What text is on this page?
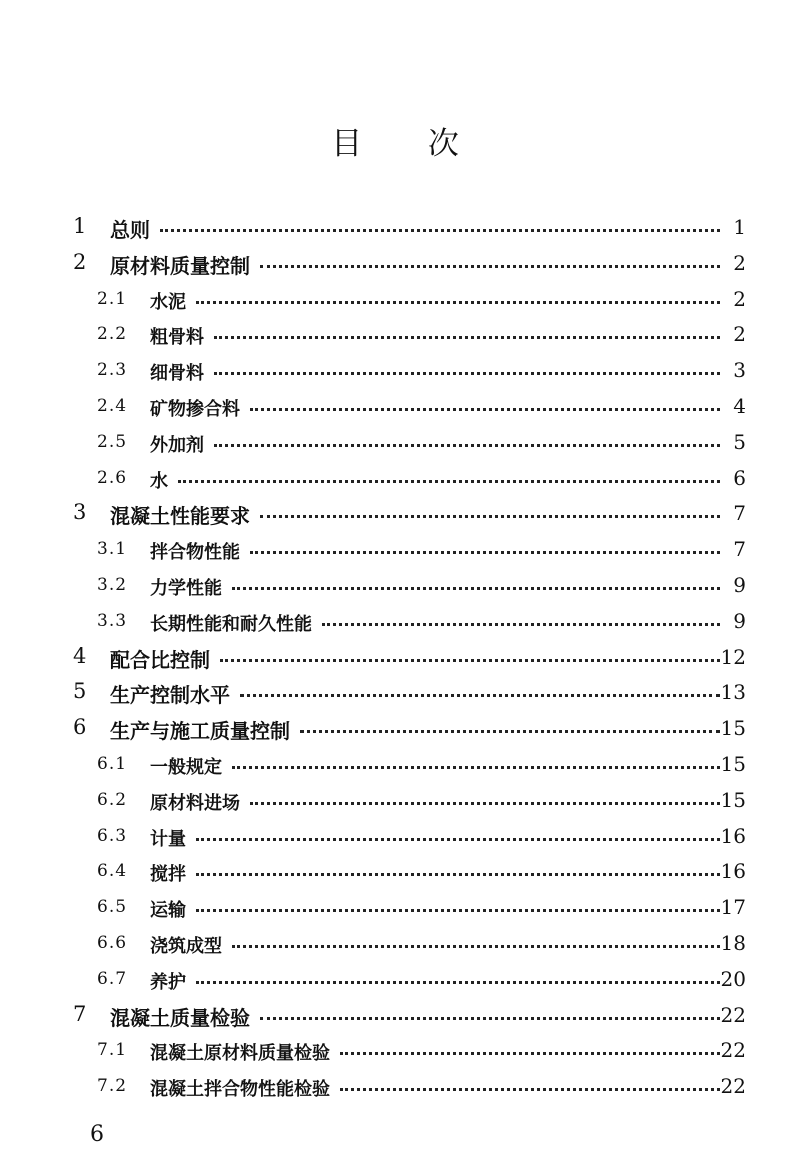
目 次
1 总则	1
2 原材料质量控制	2
2.1 水泥	2
2.2 粗骨料	2
2.3 细骨料	3
2.4 矿物掺合料	4
2.5 外加剂	5
2.6 水	6
3 混凝土性能要求	7
3.1 拌合物性能	7
3.2 力学性能	9
3.3 长期性能和耐久性能	9
4 配合比控制	12
5 生产控制水平	13
6 生产与施工质量控制	15
6.1 一般规定	15
6.2 原材料进场	15
6.3 计量	16
6.4 搅拌	16
6.5 运输	17
6.6 浇筑成型	18
6.7 养护	20
7 混凝土质量检验	22
7.1 混凝土原材料质量检验	22
7.2 混凝土拌合物性能检验	22
6
